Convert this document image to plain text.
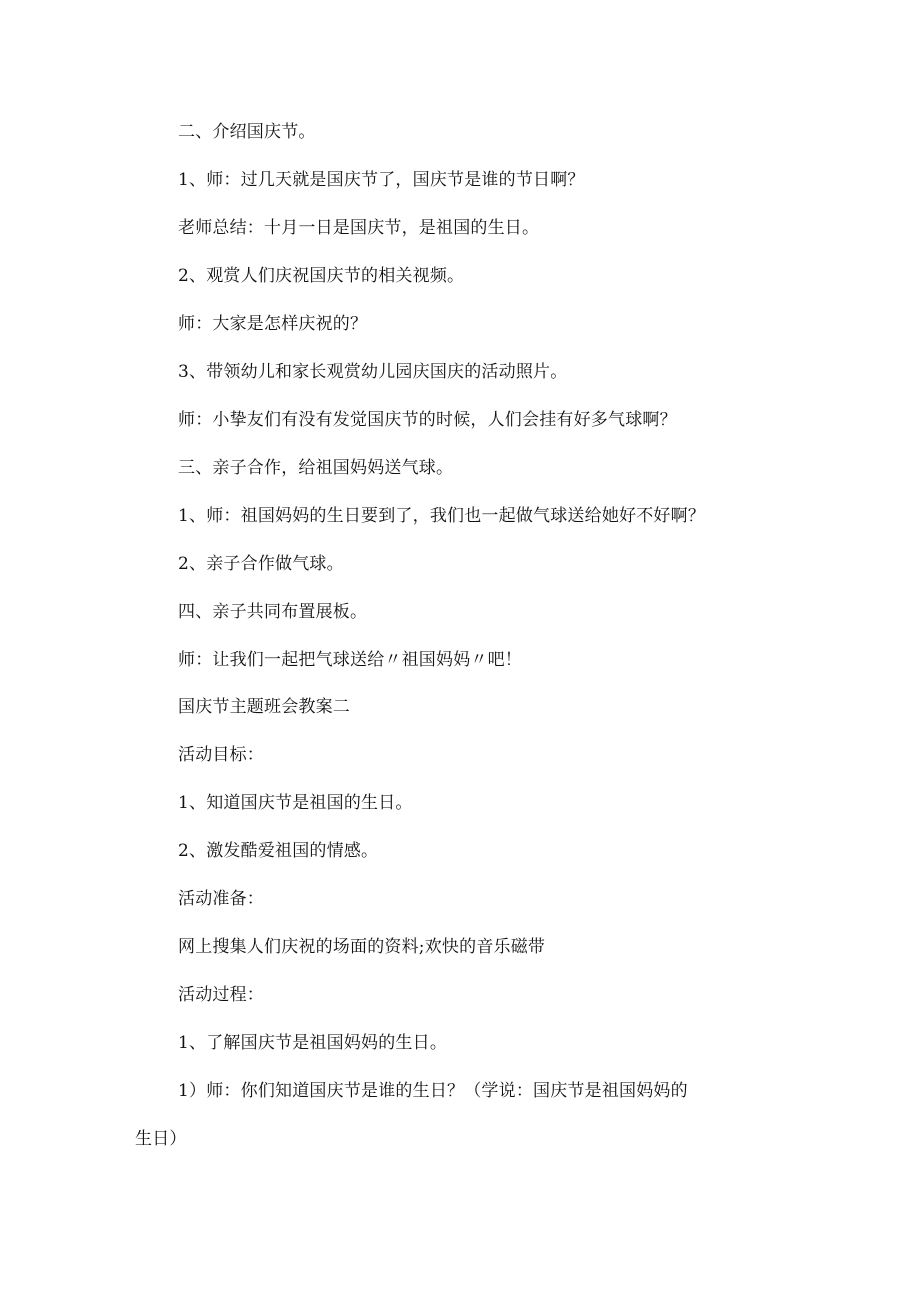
二、介绍国庆节。
1、师：过几天就是国庆节了，国庆节是谁的节日啊？
老师总结：十月一日是国庆节，是祖国的生日。
2、观赏人们庆祝国庆节的相关视频。
师：大家是怎样庆祝的？
3、带领幼儿和家长观赏幼儿园庆国庆的活动照片。
师：小挚友们有没有发觉国庆节的时候，人们会挂有好多气球啊？
三、亲子合作，给祖国妈妈送气球。
1、师：祖国妈妈的生日要到了，我们也一起做气球送给她好不好啊？
2、亲子合作做气球。
四、亲子共同布置展板。
师：让我们一起把气球送给〃祖国妈妈〃吧！
国庆节主题班会教案二
活动目标：
1、知道国庆节是祖国的生日。
2、激发酷爱祖国的情感。
活动准备：
网上搜集人们庆祝的场面的资料;欢快的音乐磁带
活动过程：
1、了解国庆节是祖国妈妈的生日。
1）师：你们知道国庆节是谁的生日？（学说：国庆节是祖国妈妈的
生日）
